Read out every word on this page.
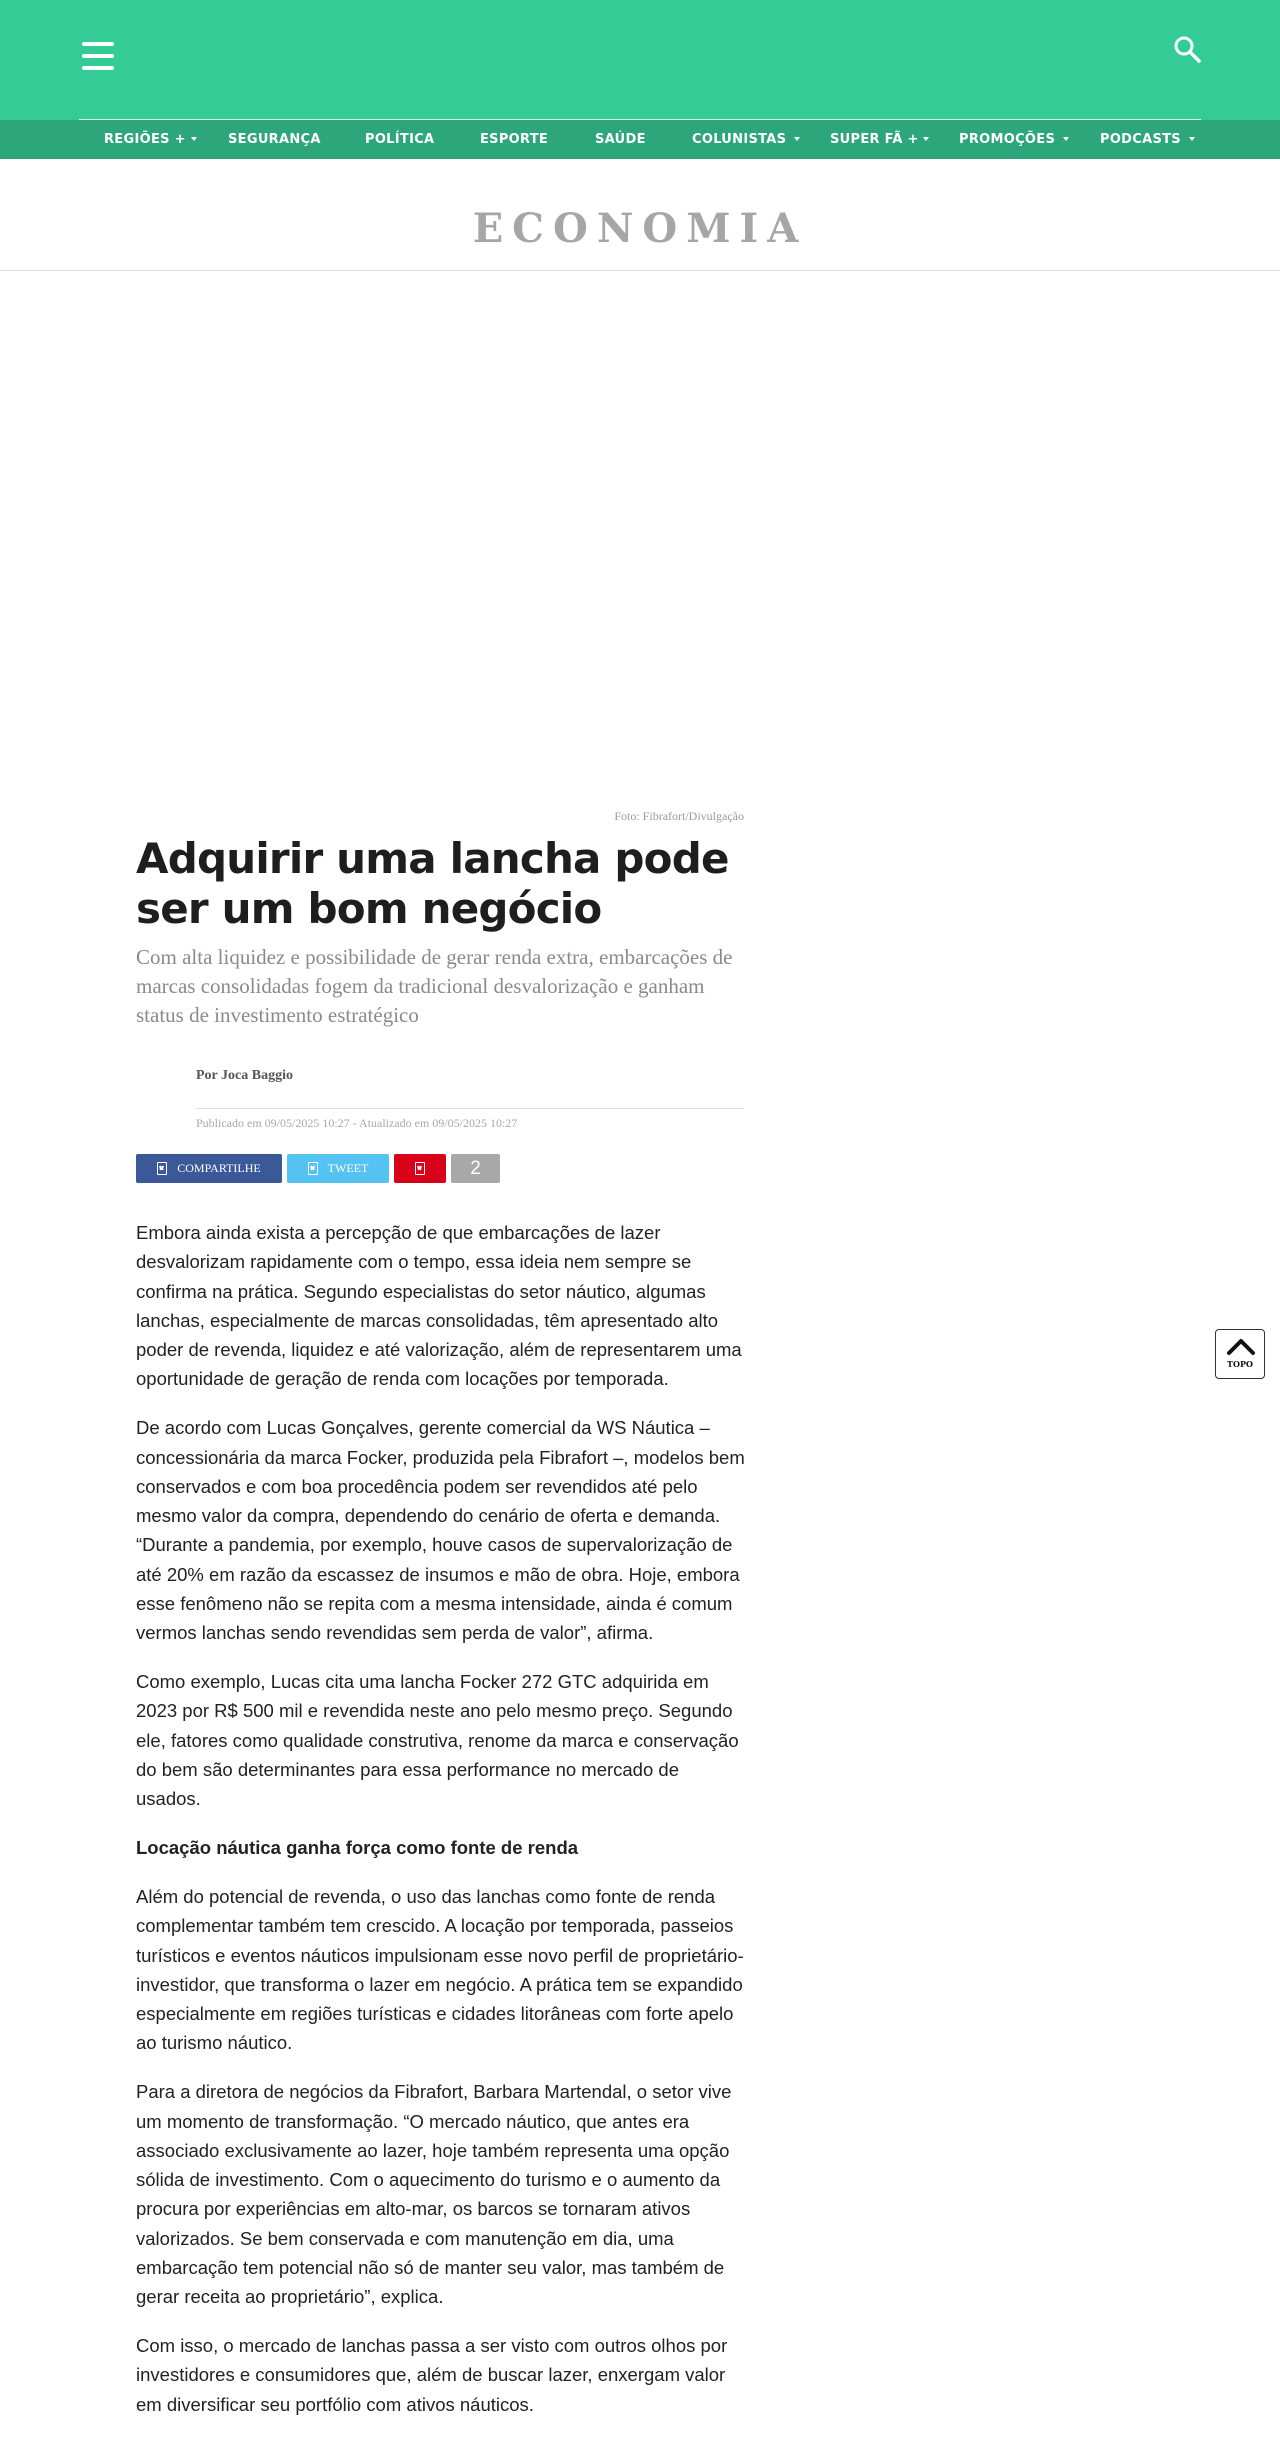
REGIÕES +	SEGURANÇA	POLÍTICA	ESPORTE	SAÚDE	COLUNISTAS	SUPER FÃ +	PROMOÇÕES	PODCASTS
ECONOMIA
Foto: Fibrafort/Divulgação
Adquirir uma lancha pode ser um bom negócio

Com alta liquidez e possibilidade de gerar renda extra, embarcações de marcas consolidadas fogem da tradicional desvalorização e ganham status de investimento estratégico

Por Joca Baggio
Publicado em 09/05/2025 10:27 - Atualizado em 09/05/2025 10:27
COMPARTILHE	TWEET	2

Embora ainda exista a percepção de que embarcações de lazer desvalorizam rapidamente com o tempo, essa ideia nem sempre se confirma na prática. Segundo especialistas do setor náutico, algumas lanchas, especialmente de marcas consolidadas, têm apresentado alto poder de revenda, liquidez e até valorização, além de representarem uma oportunidade de geração de renda com locações por temporada.

De acordo com Lucas Gonçalves, gerente comercial da WS Náutica – concessionária da marca Focker, produzida pela Fibrafort –, modelos bem conservados e com boa procedência podem ser revendidos até pelo mesmo valor da compra, dependendo do cenário de oferta e demanda. “Durante a pandemia, por exemplo, houve casos de supervalorização de até 20% em razão da escassez de insumos e mão de obra. Hoje, embora esse fenômeno não se repita com a mesma intensidade, ainda é comum vermos lanchas sendo revendidas sem perda de valor”, afirma.

Como exemplo, Lucas cita uma lancha Focker 272 GTC adquirida em 2023 por R$ 500 mil e revendida neste ano pelo mesmo preço. Segundo ele, fatores como qualidade construtiva, renome da marca e conservação do bem são determinantes para essa performance no mercado de usados.

Locação náutica ganha força como fonte de renda

Além do potencial de revenda, o uso das lanchas como fonte de renda complementar também tem crescido. A locação por temporada, passeios turísticos e eventos náuticos impulsionam esse novo perfil de proprietário-investidor, que transforma o lazer em negócio. A prática tem se expandido especialmente em regiões turísticas e cidades litorâneas com forte apelo ao turismo náutico.

Para a diretora de negócios da Fibrafort, Barbara Martendal, o setor vive um momento de transformação. “O mercado náutico, que antes era associado exclusivamente ao lazer, hoje também representa uma opção sólida de investimento. Com o aquecimento do turismo e o aumento da procura por experiências em alto-mar, os barcos se tornaram ativos valorizados. Se bem conservada e com manutenção em dia, uma embarcação tem potencial não só de manter seu valor, mas também de gerar receita ao proprietário”, explica.

Com isso, o mercado de lanchas passa a ser visto com outros olhos por investidores e consumidores que, além de buscar lazer, enxergam valor em diversificar seu portfólio com ativos náuticos.

TOPO
